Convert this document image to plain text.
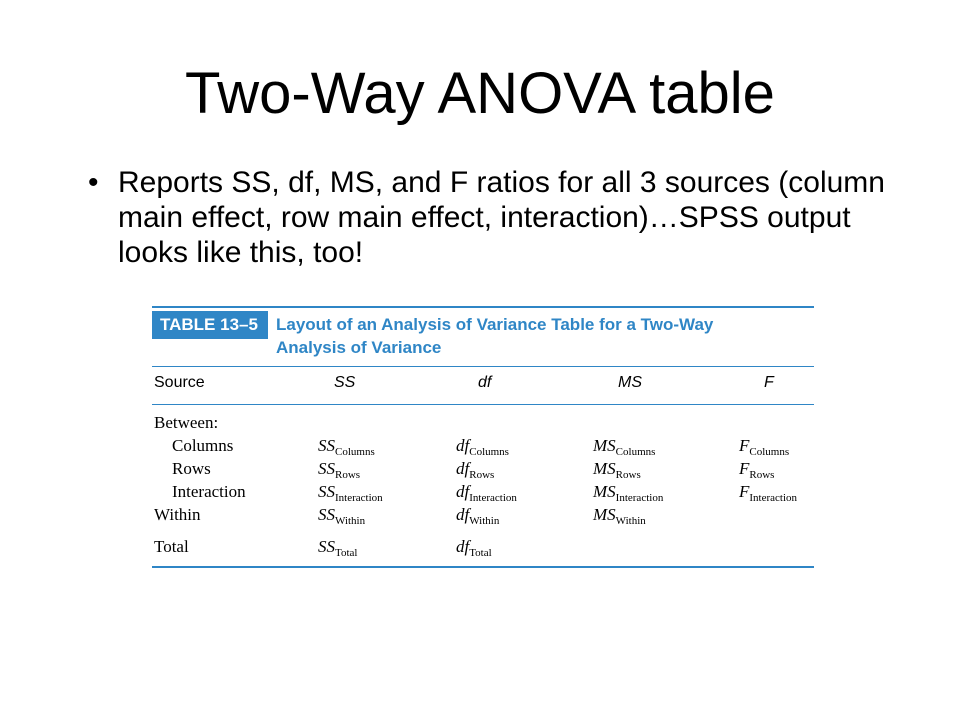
Two-Way ANOVA table
• Reports SS, df, MS, and F ratios for all 3 sources (column main effect, row main effect, interaction)…SPSS output looks like this, too!
TABLE 13–5	Layout of an Analysis of Variance Table for a Two-Way
Analysis of Variance
Source	SS	df	MS	F
Between:
Columns	$SS_{Columns}$	$df_{Columns}$	$MS_{Columns}$	$F_{Columns}$
Rows	$SS_{Rows}$	$df_{Rows}$	$MS_{Rows}$	$F_{Rows}$
Interaction	$SS_{Interaction}$	$df_{Interaction}$	$MS_{Interaction}$	$F_{Interaction}$
Within	$SS_{Within}$	$df_{Within}$	$MS_{Within}$
Total	$SS_{Total}$	$df_{Total}$
